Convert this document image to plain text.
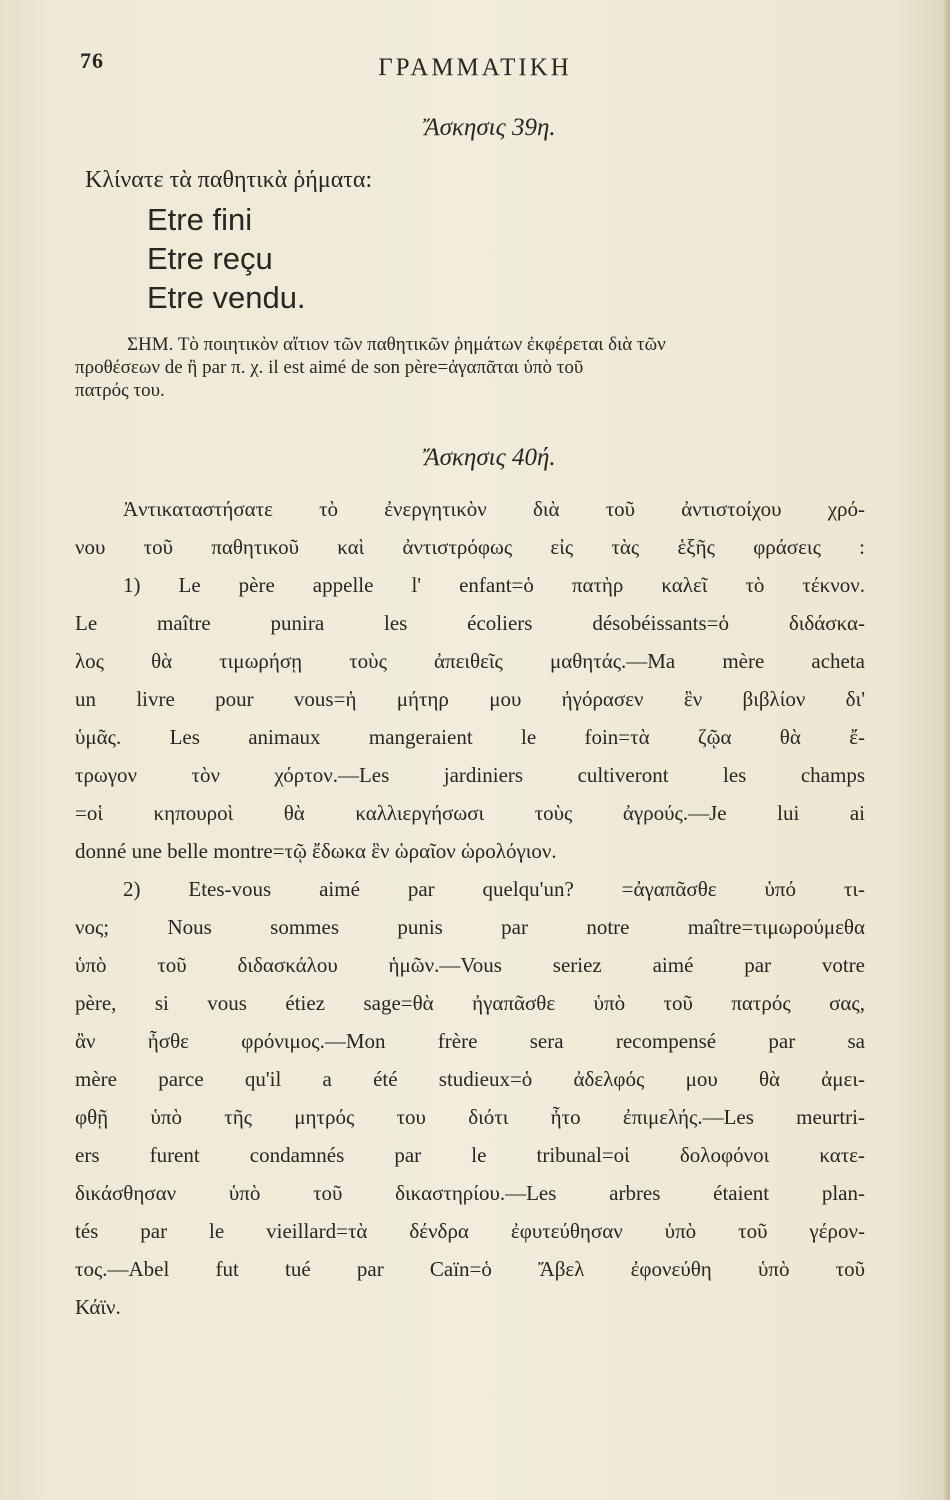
76	ΓΡΑΜΜΑΤΙΚΗ
Ἄσκησις 39η.
Κλίνατε τὰ παθητικὰ ῥήματα:
Etre fini
Etre reçu
Etre vendu.

ΣΗΜ. Τὸ ποιητικὸν αἴτιον τῶν παθητικῶν ῥημάτων ἐκφέρεται διὰ τῶν

προθέσεων de ἢ par π. χ. il est aimé de son père=ἀγαπᾶται ὑπὸ τοῦ

πατρός του.

Ἄσκησις 40ή.
Ἀντικαταστήσατε τὸ ἐνεργητικὸν διὰ τοῦ ἀντιστοίχου χρό-
νου τοῦ παθητικοῦ καὶ ἀντιστρόφως εἰς τὰς ἑξῆς φράσεις :
1) Le père appelle l' enfant=ὁ πατὴρ καλεῖ τὸ τέκνον.
Le maître punira les écoliers désobéissants=ὁ διδάσκα-
λος θὰ τιμωρήσῃ τοὺς ἀπειθεῖς μαθητάς.—Ma mère acheta
un livre pour vous=ἡ μήτηρ μου ἠγόρασεν ἓν βιβλίον δι'
ὑμᾶς. Les animaux mangeraient le foin=τὰ ζῷα θὰ ἔ-
τρωγον τὸν χόρτον.—Les jardiniers cultiveront les champs
=οἱ κηπουροὶ θὰ καλλιεργήσωσι τοὺς ἀγρούς.—Je lui ai
donné une belle montre=τῷ ἔδωκα ἓν ὡραῖον ὡρολόγιον.
2) Etes-vous aimé par quelqu'un? =ἀγαπᾶσθε ὑπό τι-
νος; Nous sommes punis par notre maître=τιμωρούμεθα
ὑπὸ τοῦ διδασκάλου ἡμῶν.—Vous seriez aimé par votre
père, si vous étiez sage=θὰ ἠγαπᾶσθε ὑπὸ τοῦ πατρός σας,
ἂν ἦσθε φρόνιμος.—Mon frère sera recompensé par sa
mère parce qu'il a été studieux=ὁ ἀδελφός μου θὰ ἀμει-
φθῇ ὑπὸ τῆς μητρός του διότι ἦτο ἐπιμελής.—Les meurtri-
ers furent condamnés par le tribunal=οἱ δολοφόνοι κατε-
δικάσθησαν ὑπὸ τοῦ δικαστηρίου.—Les arbres étaient plan-
tés par le vieillard=τὰ δένδρα ἐφυτεύθησαν ὑπὸ τοῦ γέρον-
τος.—Abel fut tué par Caïn=ὁ Ἄβελ ἐφονεύθη ὑπὸ τοῦ
Κάϊν.
